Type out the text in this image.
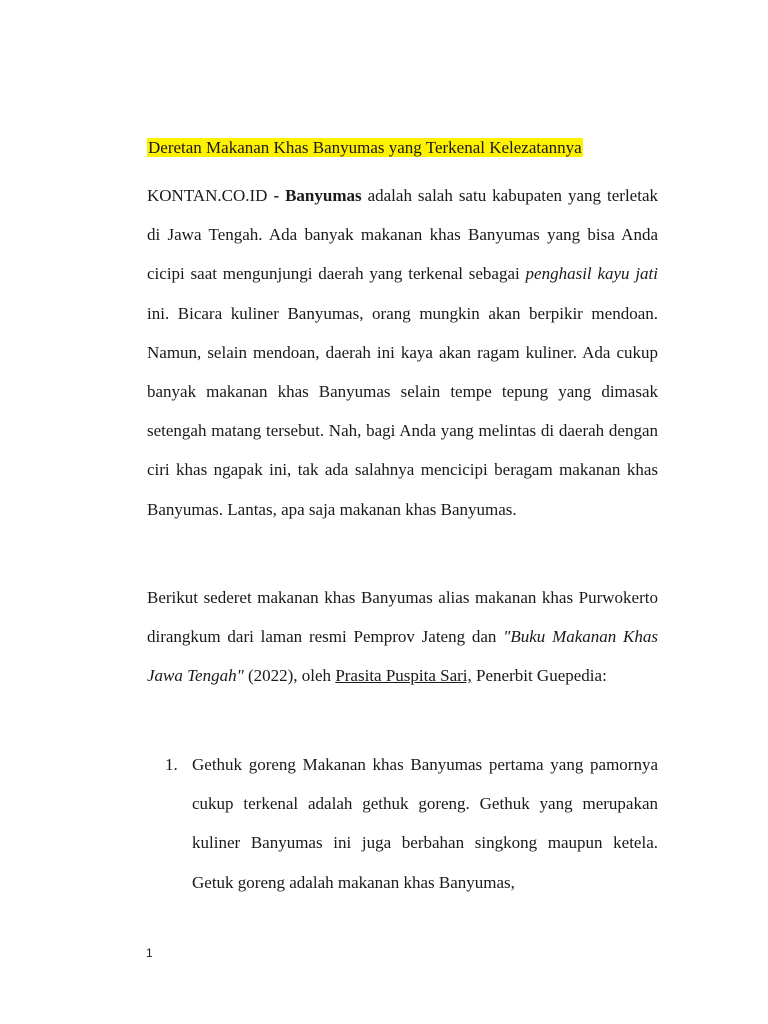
Deretan Makanan Khas Banyumas yang Terkenal Kelezatannya
KONTAN.CO.ID - Banyumas adalah salah satu kabupaten yang terletak di Jawa Tengah. Ada banyak makanan khas Banyumas yang bisa Anda cicipi saat mengunjungi daerah yang terkenal sebagai penghasil kayu jati ini. Bicara kuliner Banyumas, orang mungkin akan berpikir mendoan. Namun, selain mendoan, daerah ini kaya akan ragam kuliner. Ada cukup banyak makanan khas Banyumas selain tempe tepung yang dimasak setengah matang tersebut. Nah, bagi Anda yang melintas di daerah dengan ciri khas ngapak ini, tak ada salahnya mencicipi beragam makanan khas Banyumas. Lantas, apa saja makanan khas Banyumas.
Berikut sederet makanan khas Banyumas alias makanan khas Purwokerto dirangkum dari laman resmi Pemprov Jateng dan "Buku Makanan Khas Jawa Tengah" (2022), oleh Prasita Puspita Sari, Penerbit Guepedia:
1. Gethuk goreng Makanan khas Banyumas pertama yang pamornya cukup terkenal adalah gethuk goreng. Gethuk yang merupakan kuliner Banyumas ini juga berbahan singkong maupun ketela. Getuk goreng adalah makanan khas Banyumas,
1
